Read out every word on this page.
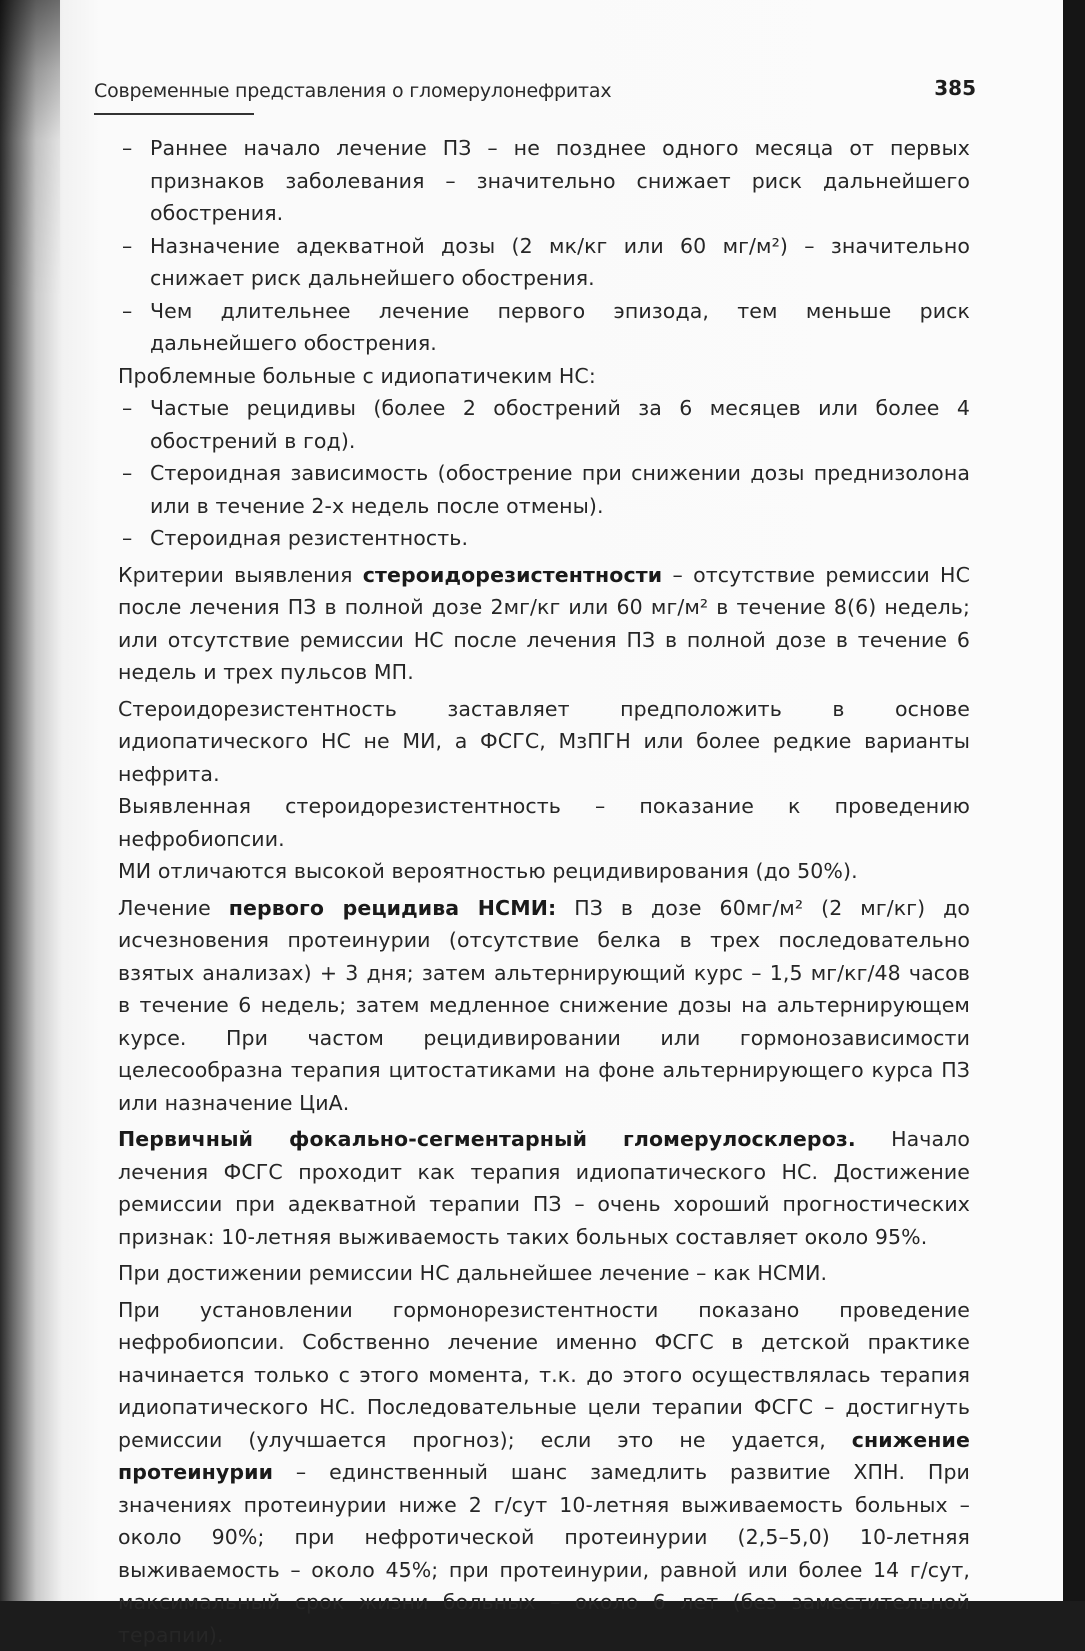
Современные представления о гломерулонефритах	385

– Раннее начало лечение ПЗ – не позднее одного месяца от первых признаков заболевания – значительно снижает риск дальнейшего обострения.

– Назначение адекватной дозы (2 мк/кг или 60 мг/м²) – значительно снижает риск дальнейшего обострения.

– Чем длительнее лечение первого эпизода, тем меньше риск дальнейшего обострения.

Проблемные больные с идиопатичеким НС:

– Частые рецидивы (более 2 обострений за 6 месяцев или более 4 обострений в год).

– Стероидная зависимость (обострение при снижении дозы преднизолона или в течение 2-х недель после отмены).

– Стероидная резистентность.

Критерии выявления стероидорезистентности – отсутствие ремиссии НС после лечения ПЗ в полной дозе 2мг/кг или 60 мг/м² в течение 8(6) недель; или отсутствие ремиссии НС после лечения ПЗ в полной дозе в течение 6 недель и трех пульсов МП.

Стероидорезистентность заставляет предположить в основе идиопатического НС не МИ, а ФСГС, МзПГН или более редкие варианты нефрита.

Выявленная стероидорезистентность – показание к проведению нефробиопсии.

МИ отличаются высокой вероятностью рецидивирования (до 50%).

Лечение первого рецидива НСМИ: ПЗ в дозе 60мг/м² (2 мг/кг) до исчезновения протеинурии (отсутствие белка в трех последовательно взятых анализах) + 3 дня; затем альтернирующий курс – 1,5 мг/кг/48 часов в течение 6 недель; затем медленное снижение дозы на альтернирующем курсе. При частом рецидивировании или гормонозависимости целесообразна терапия цитостатиками на фоне альтернирующего курса ПЗ или назначение ЦиА.

Первичный фокально-сегментарный гломерулосклероз. Начало лечения ФСГС проходит как терапия идиопатического НС. Достижение ремиссии при адекватной терапии ПЗ – очень хороший прогностических признак: 10-летняя выживаемость таких больных составляет около 95%.

При достижении ремиссии НС дальнейшее лечение – как НСМИ.

При установлении гормонорезистентности показано проведение нефробиопсии. Собственно лечение именно ФСГС в детской практике начинается только с этого момента, т.к. до этого осуществлялась терапия идиопатического НС. Последовательные цели терапии ФСГС – достигнуть ремиссии (улучшается прогноз); если это не удается, снижение протеинурии – единственный шанс замедлить развитие ХПН. При значениях протеинурии ниже 2 г/сут 10-летняя выживаемость больных – около 90%; при нефротической протеинурии (2,5–5,0) 10-летняя выживаемость – около 45%; при протеинурии, равной или более 14 г/сут, максимальный срок жизни больных – около 6 лет (без заместительной терапии).
